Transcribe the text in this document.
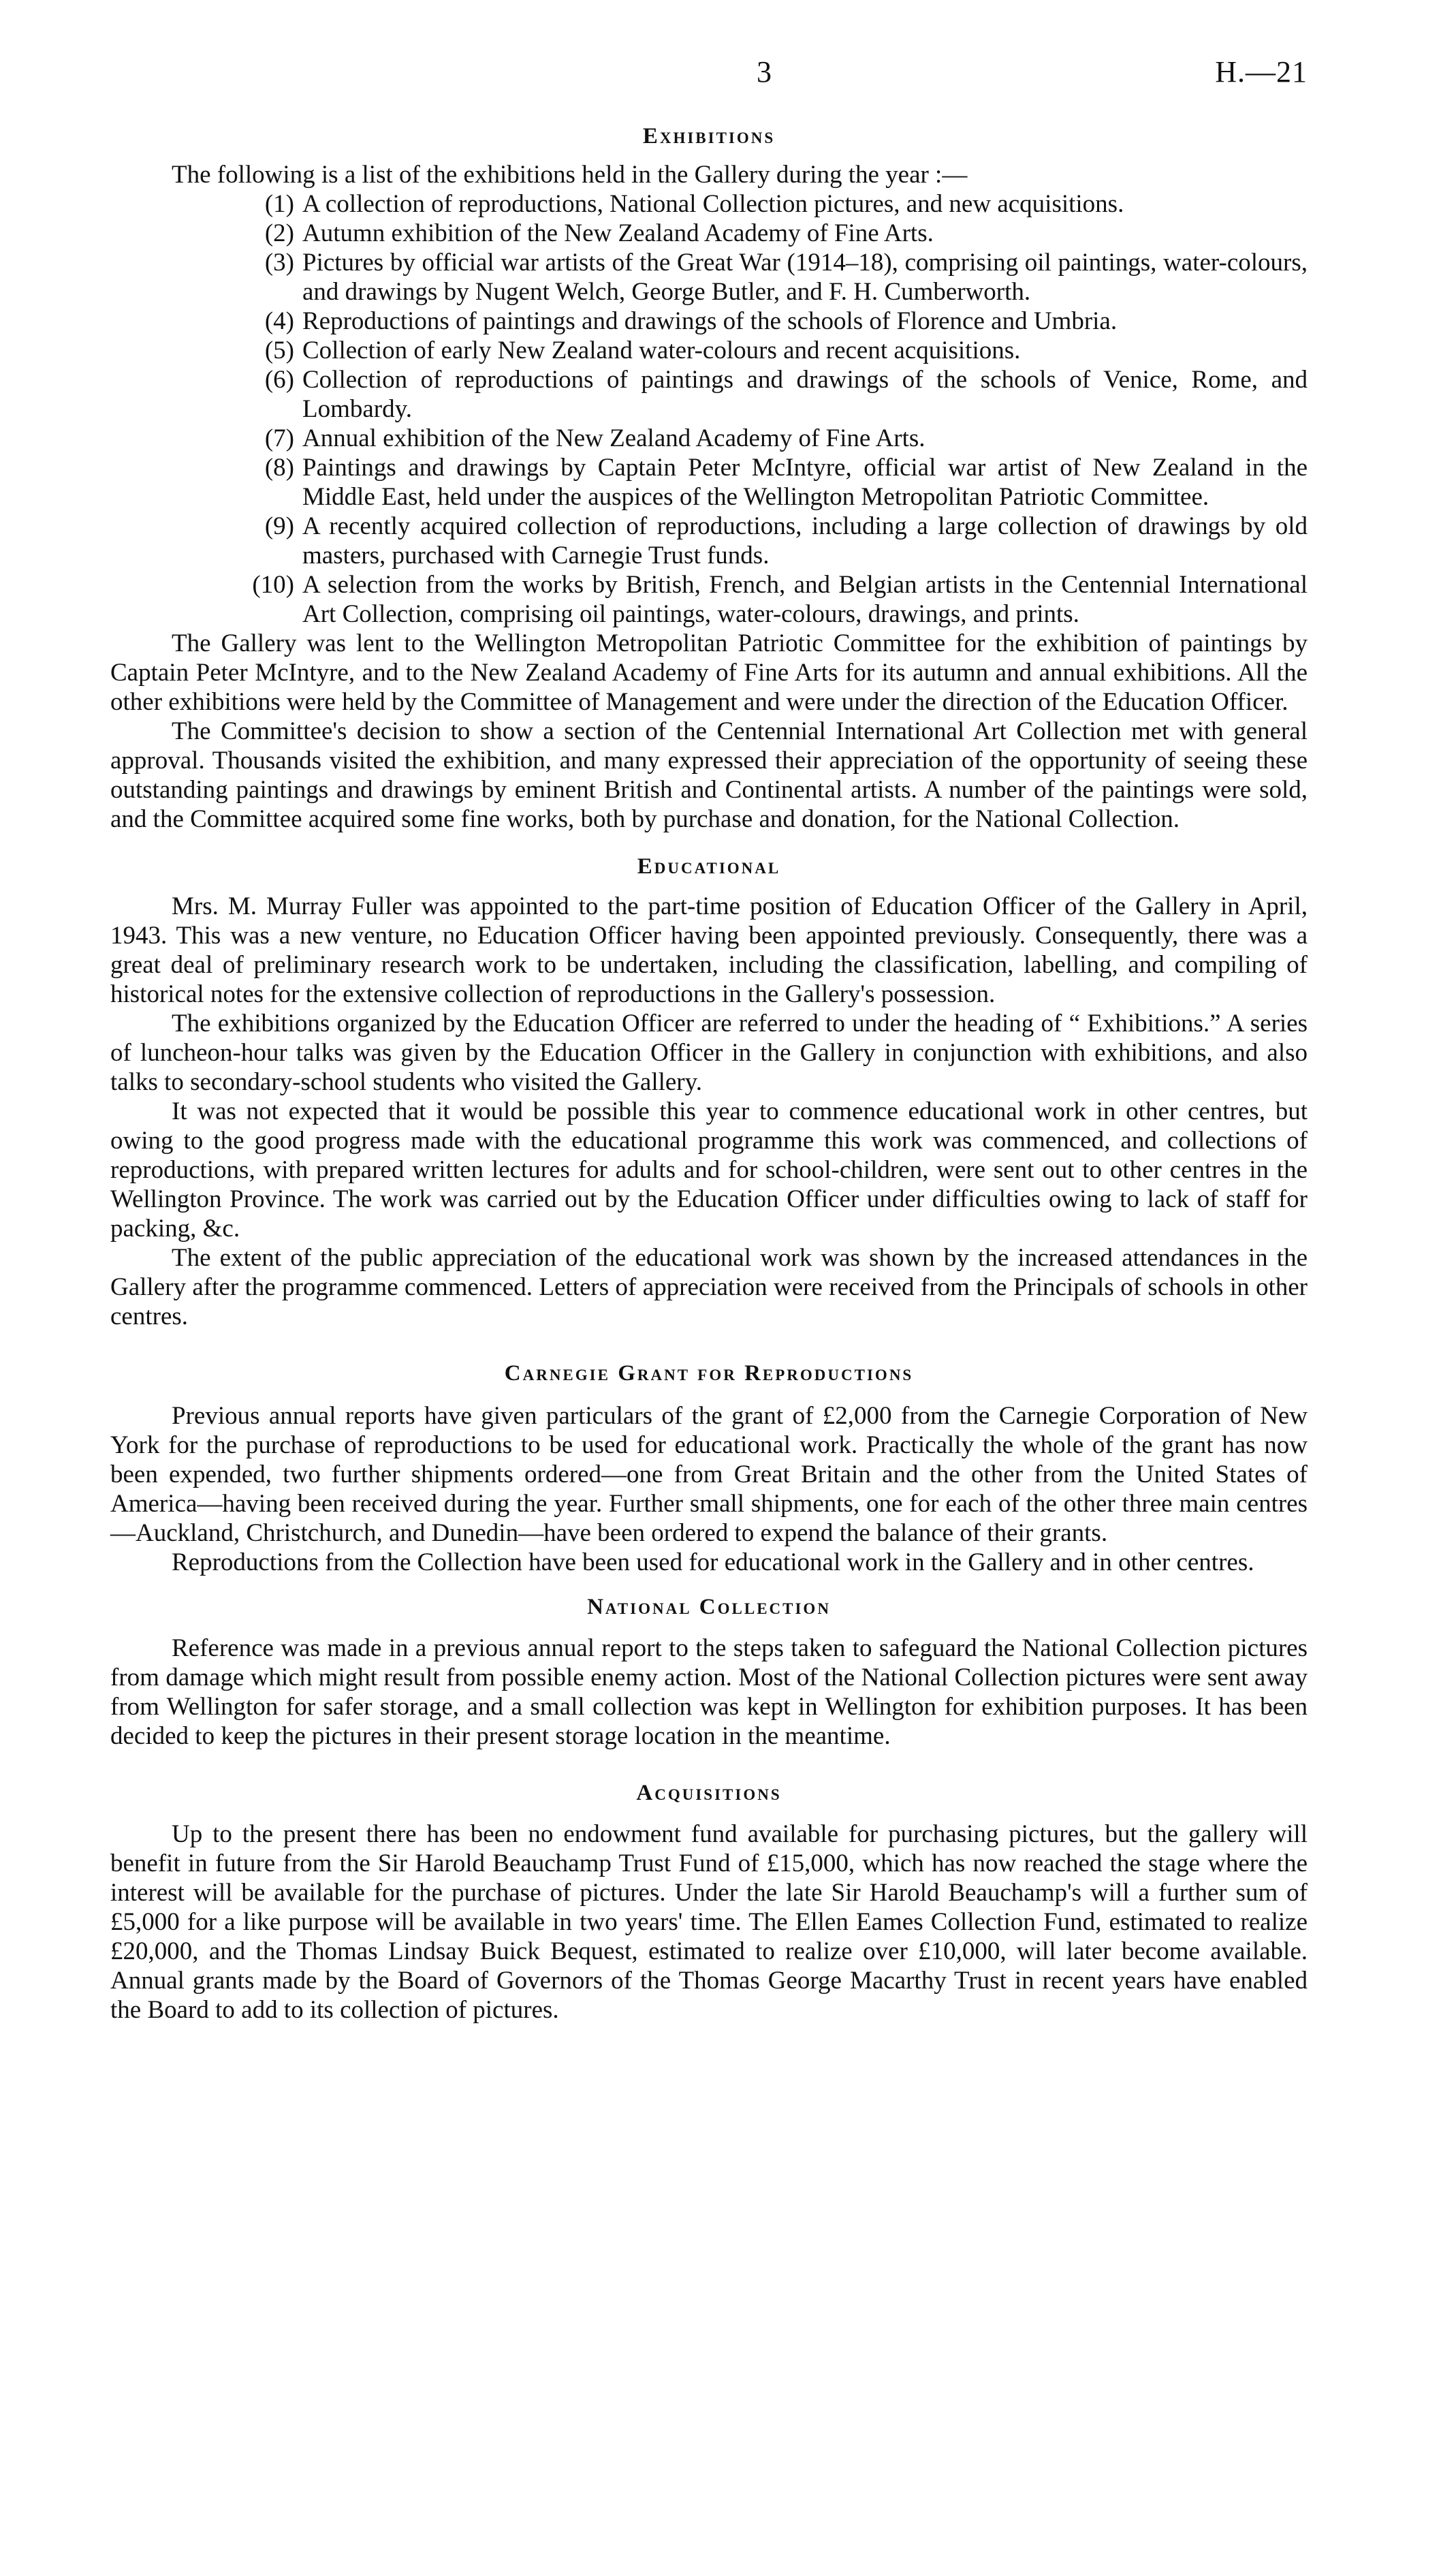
3	H.—21
Exhibitions

The following is a list of the exhibitions held in the Gallery during the year :—

(1) A collection of reproductions, National Collection pictures, and new acquisitions.
(2) Autumn exhibition of the New Zealand Academy of Fine Arts.
(3) Pictures by official war artists of the Great War (1914–18), comprising oil paintings, water-colours, and drawings by Nugent Welch, George Butler, and F. H. Cumberworth.
(4) Reproductions of paintings and drawings of the schools of Florence and Umbria.
(5) Collection of early New Zealand water-colours and recent acquisitions.
(6) Collection of reproductions of paintings and drawings of the schools of Venice, Rome, and Lombardy.
(7) Annual exhibition of the New Zealand Academy of Fine Arts.
(8) Paintings and drawings by Captain Peter McIntyre, official war artist of New Zealand in the Middle East, held under the auspices of the Wellington Metropolitan Patriotic Committee.
(9) A recently acquired collection of reproductions, including a large collection of drawings by old masters, purchased with Carnegie Trust funds.
(10) A selection from the works by British, French, and Belgian artists in the Centennial International Art Collection, comprising oil paintings, water-colours, drawings, and prints.

The Gallery was lent to the Wellington Metropolitan Patriotic Committee for the exhibition of paintings by Captain Peter McIntyre, and to the New Zealand Academy of Fine Arts for its autumn and annual exhibitions. All the other exhibitions were held by the Committee of Management and were under the direction of the Education Officer.

The Committee's decision to show a section of the Centennial International Art Collection met with general approval. Thousands visited the exhibition, and many expressed their appreciation of the opportunity of seeing these outstanding paintings and drawings by eminent British and Continental artists. A number of the paintings were sold, and the Committee acquired some fine works, both by purchase and donation, for the National Collection.

Educational

Mrs. M. Murray Fuller was appointed to the part-time position of Education Officer of the Gallery in April, 1943. This was a new venture, no Education Officer having been appointed previously. Consequently, there was a great deal of preliminary research work to be undertaken, including the classification, labelling, and compiling of historical notes for the extensive collection of reproductions in the Gallery's possession.

The exhibitions organized by the Education Officer are referred to under the heading of “ Exhibitions.” A series of luncheon-hour talks was given by the Education Officer in the Gallery in conjunction with exhibitions, and also talks to secondary-school students who visited the Gallery.

It was not expected that it would be possible this year to commence educational work in other centres, but owing to the good progress made with the educational programme this work was commenced, and collections of reproductions, with prepared written lectures for adults and for school-children, were sent out to other centres in the Wellington Province. The work was carried out by the Education Officer under difficulties owing to lack of staff for packing, &c.

The extent of the public appreciation of the educational work was shown by the increased attendances in the Gallery after the programme commenced. Letters of appreciation were received from the Principals of schools in other centres.

Carnegie Grant for Reproductions

Previous annual reports have given particulars of the grant of £2,000 from the Carnegie Corporation of New York for the purchase of reproductions to be used for educational work. Practically the whole of the grant has now been expended, two further shipments ordered—one from Great Britain and the other from the United States of America—having been received during the year. Further small shipments, one for each of the other three main centres—Auckland, Christchurch, and Dunedin—have been ordered to expend the balance of their grants.

Reproductions from the Collection have been used for educational work in the Gallery and in other centres.

National Collection

Reference was made in a previous annual report to the steps taken to safeguard the National Collection pictures from damage which might result from possible enemy action. Most of the National Collection pictures were sent away from Wellington for safer storage, and a small collection was kept in Wellington for exhibition purposes. It has been decided to keep the pictures in their present storage location in the meantime.

Acquisitions

Up to the present there has been no endowment fund available for purchasing pictures, but the gallery will benefit in future from the Sir Harold Beauchamp Trust Fund of £15,000, which has now reached the stage where the interest will be available for the purchase of pictures. Under the late Sir Harold Beauchamp's will a further sum of £5,000 for a like purpose will be available in two years' time. The Ellen Eames Collection Fund, estimated to realize £20,000, and the Thomas Lindsay Buick Bequest, estimated to realize over £10,000, will later become available. Annual grants made by the Board of Governors of the Thomas George Macarthy Trust in recent years have enabled the Board to add to its collection of pictures.
